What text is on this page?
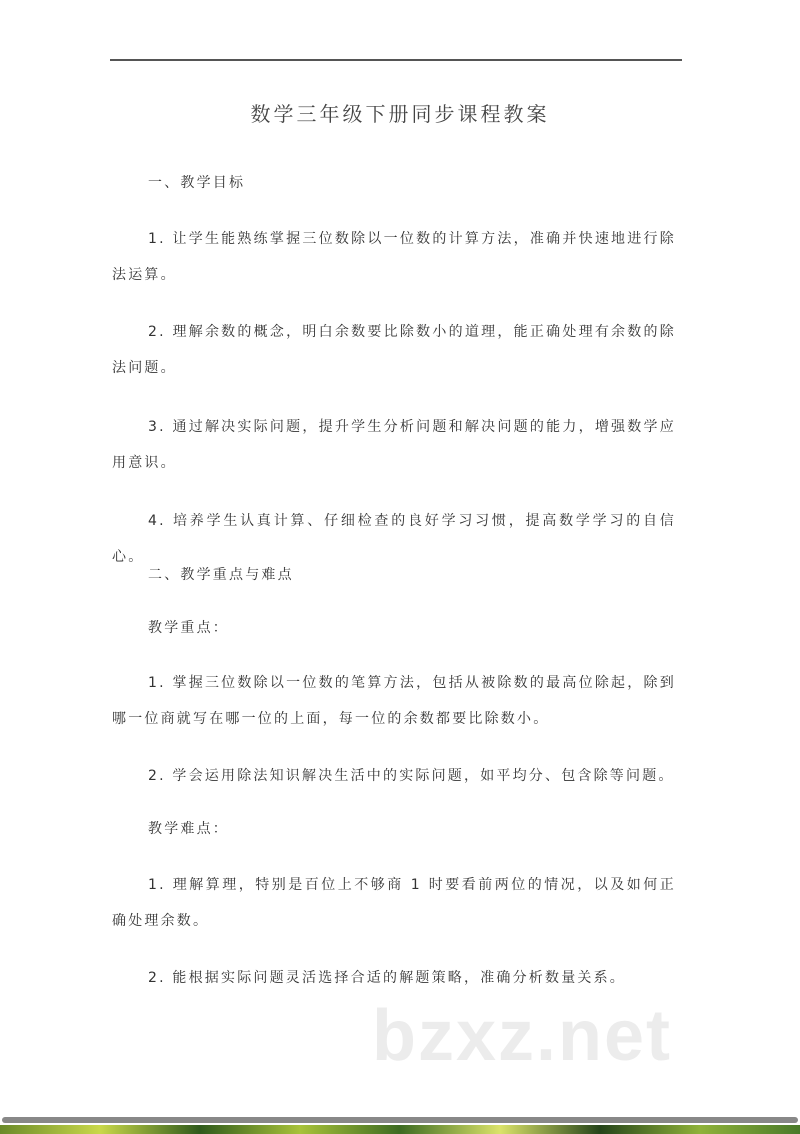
数学三年级下册同步课程教案
一、教学目标
1. 让学生能熟练掌握三位数除以一位数的计算方法，准确并快速地进行除法运算。
2. 理解余数的概念，明白余数要比除数小的道理，能正确处理有余数的除法问题。
3. 通过解决实际问题，提升学生分析问题和解决问题的能力，增强数学应用意识。
4. 培养学生认真计算、仔细检查的良好学习习惯，提高数学学习的自信心。
二、教学重点与难点
教学重点：
1. 掌握三位数除以一位数的笔算方法，包括从被除数的最高位除起，除到哪一位商就写在哪一位的上面，每一位的余数都要比除数小。
2. 学会运用除法知识解决生活中的实际问题，如平均分、包含除等问题。
教学难点：
1. 理解算理，特别是百位上不够商 1 时要看前两位的情况，以及如何正确处理余数。
2. 能根据实际问题灵活选择合适的解题策略，准确分析数量关系。
bzxz.net
